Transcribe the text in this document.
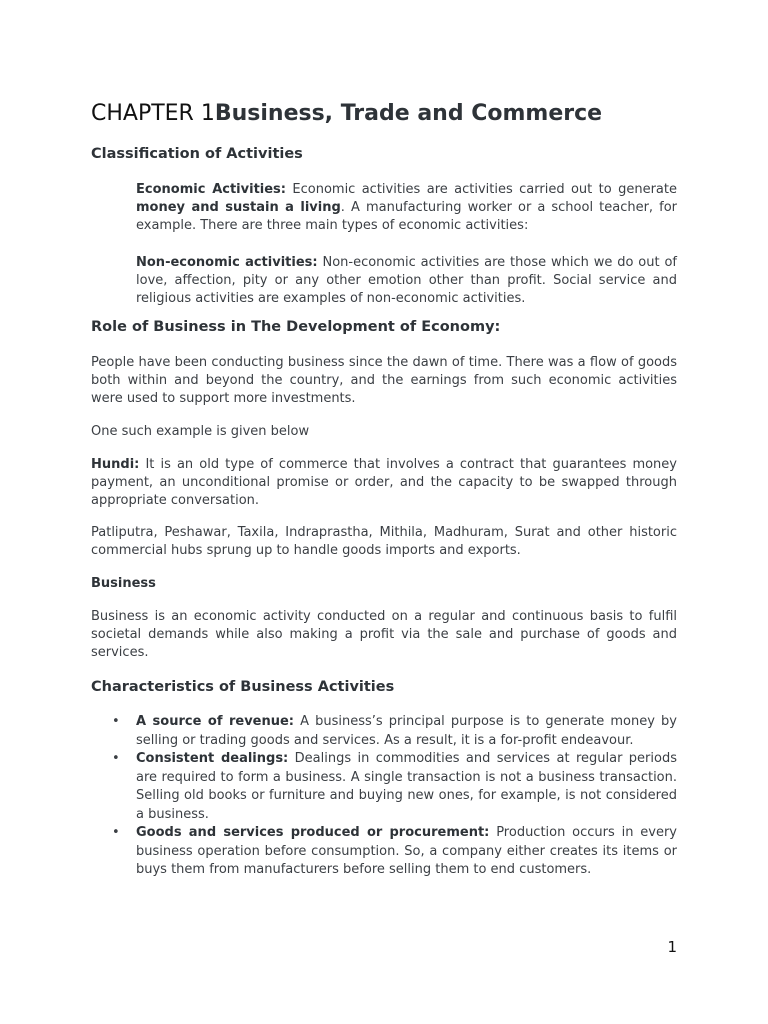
CHAPTER 1Business, Trade and Commerce
Classification of Activities

Economic Activities: Economic activities are activities carried out to generate money and sustain a living. A manufacturing worker or a school teacher, for example. There are three main types of economic activities:

Non-economic activities: Non-economic activities are those which we do out of love, affection, pity or any other emotion other than profit. Social service and religious activities are examples of non-economic activities.

Role of Business in The Development of Economy:

People have been conducting business since the dawn of time. There was a flow of goods both within and beyond the country, and the earnings from such economic activities were used to support more investments.

One such example is given below

Hundi: It is an old type of commerce that involves a contract that guarantees money payment, an unconditional promise or order, and the capacity to be swapped through appropriate conversation.

Patliputra, Peshawar, Taxila, Indraprastha, Mithila, Madhuram, Surat and other historic commercial hubs sprung up to handle goods imports and exports.

Business

Business is an economic activity conducted on a regular and continuous basis to fulfil societal demands while also making a profit via the sale and purchase of goods and services.

Characteristics of Business Activities
• A source of revenue: A business’s principal purpose is to generate money by selling or trading goods and services. As a result, it is a for-profit endeavour.
• Consistent dealings: Dealings in commodities and services at regular periods are required to form a business. A single transaction is not a business transaction. Selling old books or furniture and buying new ones, for example, is not considered a business.
• Goods and services produced or procurement: Production occurs in every business operation before consumption. So, a company either creates its items or buys them from manufacturers before selling them to end customers.
1
